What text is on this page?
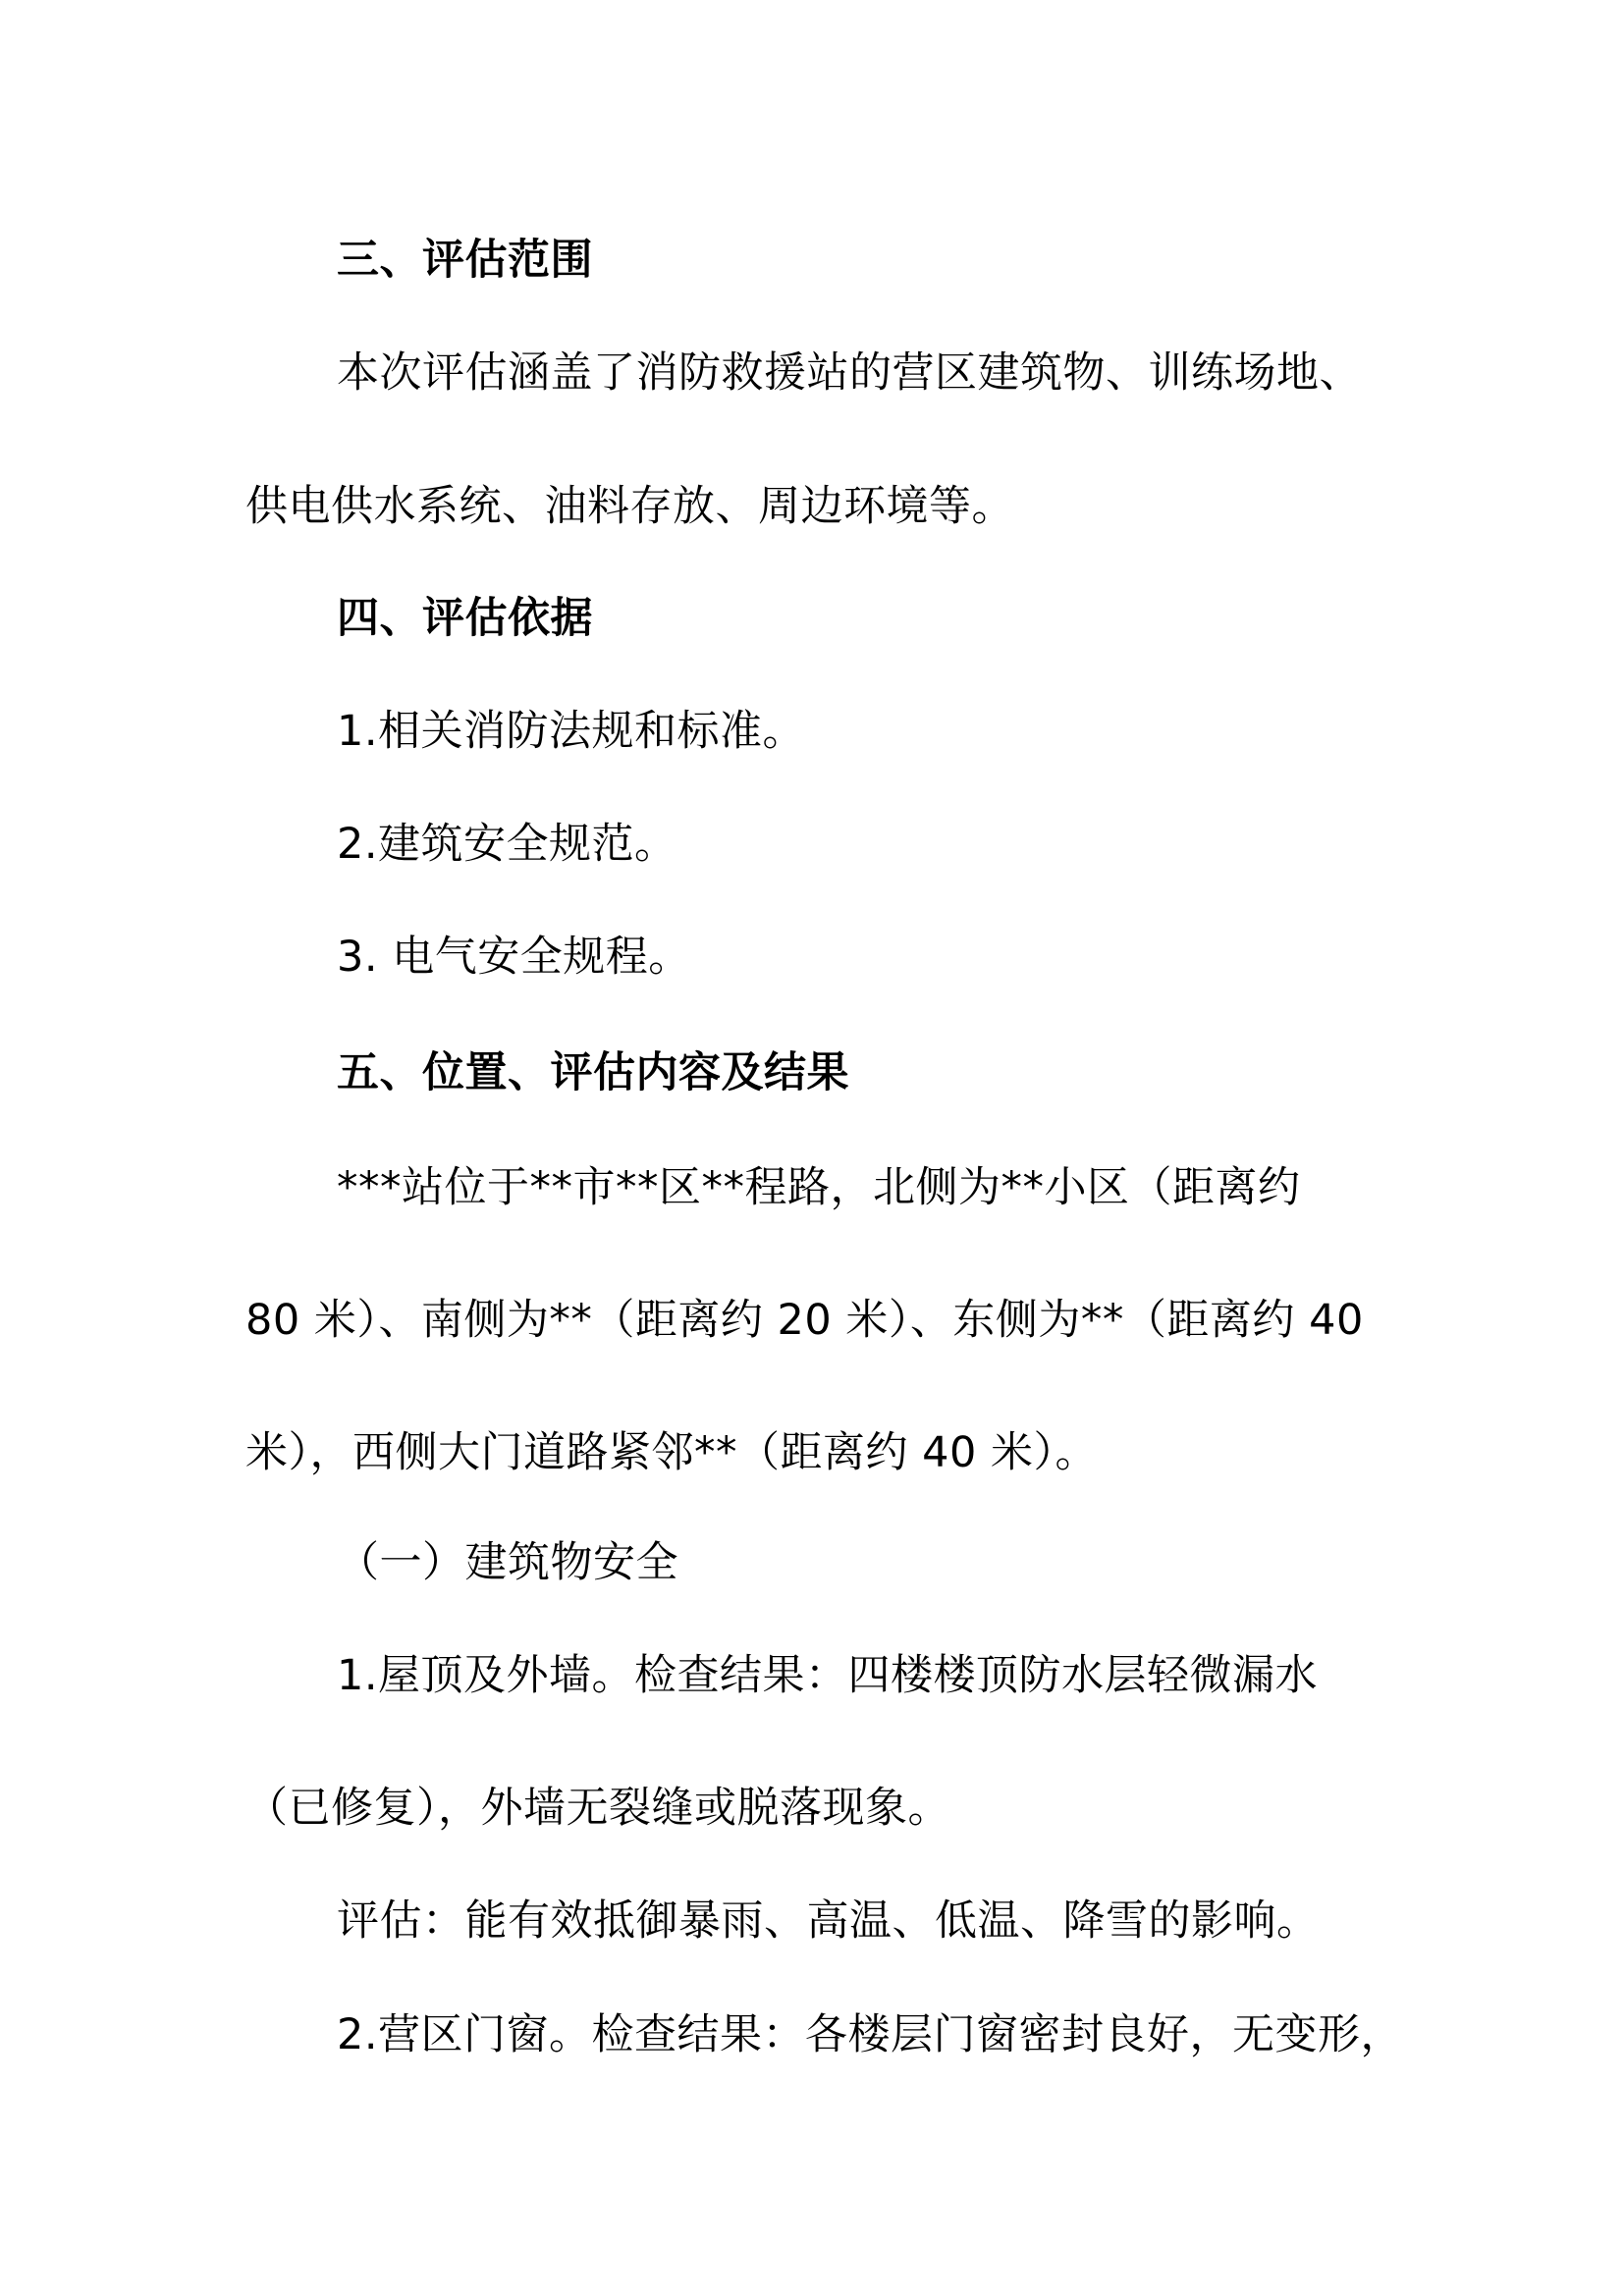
三、评估范围
本次评估涵盖了消防救援站的营区建筑物、训练场地、
供电供水系统、油料存放、周边环境等。
四、评估依据
1.相关消防法规和标准。
2.建筑安全规范。
3. 电气安全规程。
五、位置、评估内容及结果
***站位于**市**区**程路，北侧为**小区（距离约
80 米）、南侧为**（距离约 20 米）、东侧为**（距离约 40
米），西侧大门道路紧邻**（距离约 40 米）。
（一）建筑物安全
1.屋顶及外墙。检查结果：四楼楼顶防水层轻微漏水
（已修复），外墙无裂缝或脱落现象。
评估：能有效抵御暴雨、高温、低温、降雪的影响。
2.营区门窗。检查结果：各楼层门窗密封良好，无变形，
